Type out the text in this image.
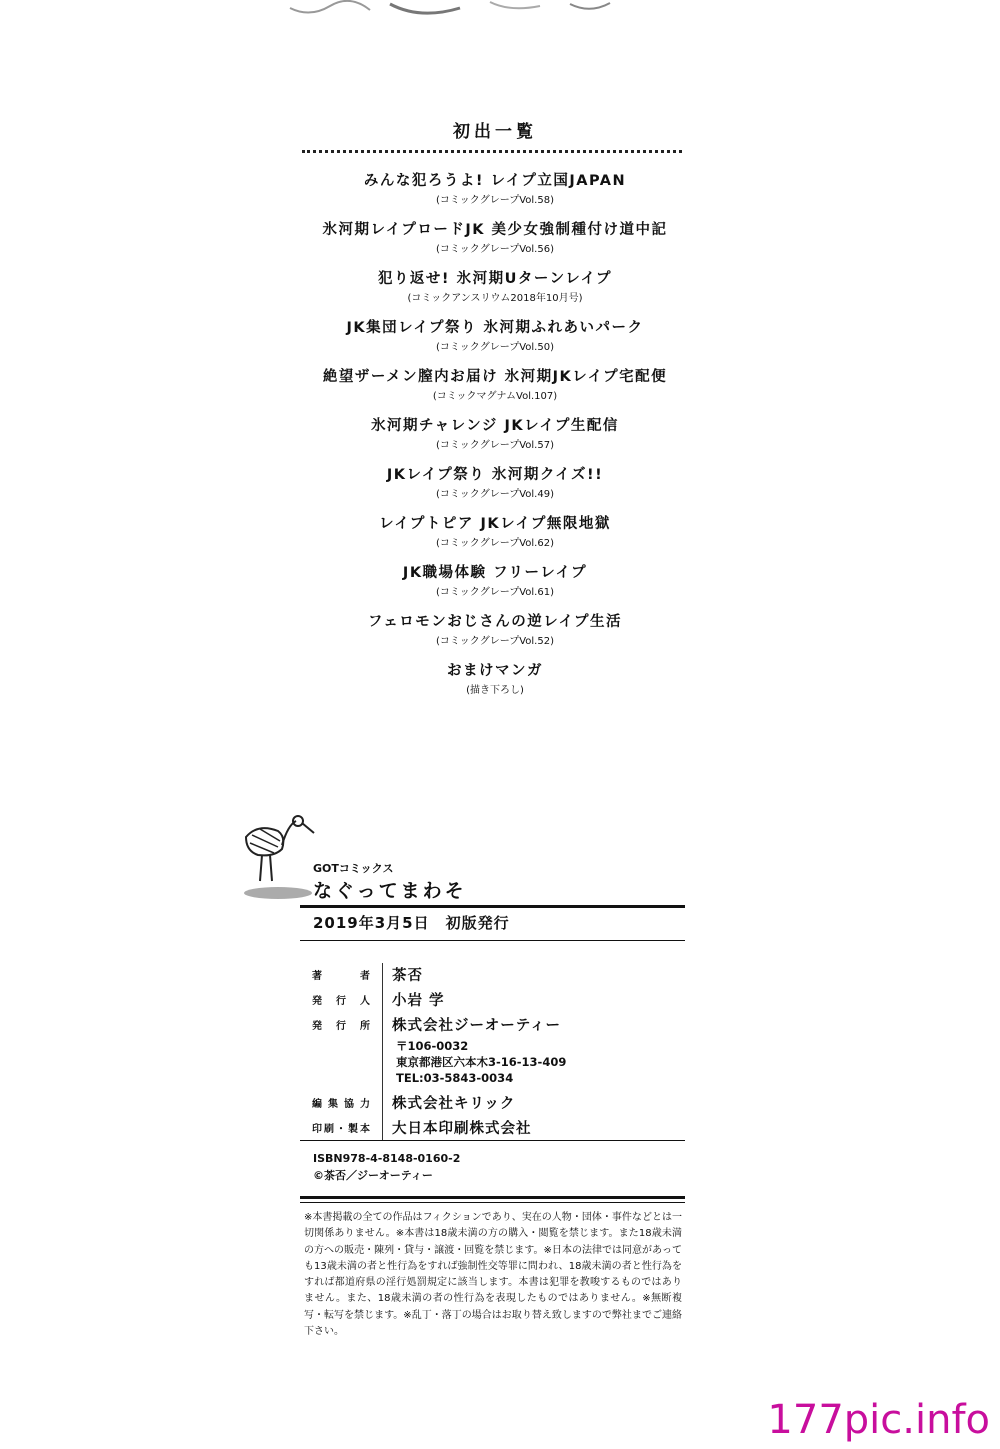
初出一覧
みんな犯ろうよ! レイプ立国JAPAN
(コミックグレープVol.58)
氷河期レイプロードJK 美少女強制種付け道中記
(コミックグレープVol.56)
犯り返せ! 氷河期Uターンレイプ
(コミックアンスリウム2018年10月号)
JK集団レイプ祭り 氷河期ふれあいパーク
(コミックグレープVol.50)
絶望ザーメン膣内お届け 氷河期JKレイプ宅配便
(コミックマグナムVol.107)
氷河期チャレンジ JKレイプ生配信
(コミックグレープVol.57)
JKレイプ祭り 氷河期クイズ!!
(コミックグレープVol.49)
レイプトピア JKレイプ無限地獄
(コミックグレープVol.62)
JK職場体験 フリーレイプ
(コミックグレープVol.61)
フェロモンおじさんの逆レイプ生活
(コミックグレープVol.52)
おまけマンガ
(描き下ろし)
GOTコミックス
なぐってまわそ
2019年3月5日　初版発行
著者 茶否
発行人 小岩 学
発行所 株式会社ジーオーティー
〒106-0032
東京都港区六本木3-16-13-409
TEL:03-5843-0034
編集協力 株式会社キリック
印刷・製本 大日本印刷株式会社
ISBN978-4-8148-0160-2
©茶否／ジーオーティー
※本書掲載の全ての作品はフィクションであり、実在の人物・団体・事件などとは一切関係ありません。※本書は18歳未満の方の購入・閲覧を禁じます。また18歳未満の方への販売・陳列・貸与・譲渡・回覧を禁じます。※日本の法律では同意があっても13歳未満の者と性行為をすれば強制性交等罪に問われ、18歳未満の者と性行為をすれば都道府県の淫行処罰規定に該当します。本書は犯罪を教唆するものではありません。また、18歳未満の者の性行為を表現したものではありません。※無断複写・転写を禁じます。※乱丁・落丁の場合はお取り替え致しますので弊社までご連絡下さい。
177pic.info
